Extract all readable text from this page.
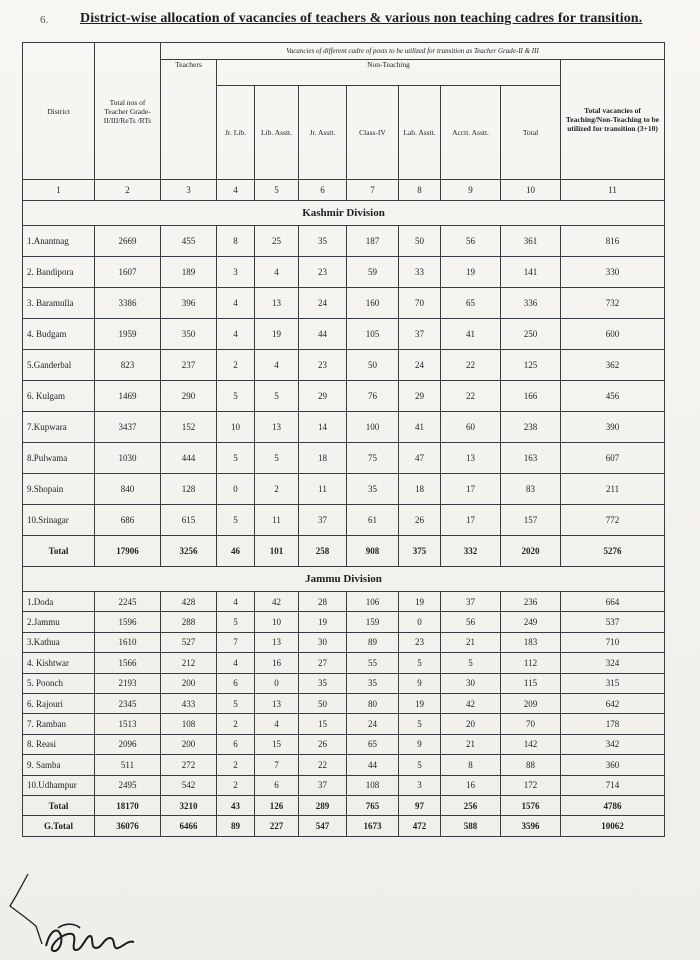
6. District-wise allocation of vacancies of teachers & various non teaching cadres for transition.
District	Total nos of Teacher Grade-II/III/ReTs /RTs	Vacancies of different cadre of posts to be utilized for transition as Teacher Grade-II & III								
		Teachers	Non-Teaching							Total vacancies of Teaching/Non-Teaching to be utilized for transition (3+10)
			Jr. Lib.	Lib. Asstt.	Jr. Asstt.	Class-IV	Lab. Asstt.	Acctt. Asstt.	Total	
1	2	3	4	5	6	7	8	9	10	11
Kashmir Division										
1.Anantnag	2669	455	8	25	35	187	50	56	361	816
2. Bandipora	1607	189	3	4	23	59	33	19	141	330
3. Baramulla	3386	396	4	13	24	160	70	65	336	732
4. Budgam	1959	350	4	19	44	105	37	41	250	600
5.Ganderbal	823	237	2	4	23	50	24	22	125	362
6. Kulgam	1469	290	5	5	29	76	29	22	166	456
7.Kupwara	3437	152	10	13	14	100	41	60	238	390
8.Pulwama	1030	444	5	5	18	75	47	13	163	607
9.Shopain	840	128	0	2	11	35	18	17	83	211
10.Srinagar	686	615	5	11	37	61	26	17	157	772
Total	17906	3256	46	101	258	908	375	332	2020	5276
Jammu Division										
1.Doda	2245	428	4	42	28	106	19	37	236	664
2.Jammu	1596	288	5	10	19	159	0	56	249	537
3.Kathua	1610	527	7	13	30	89	23	21	183	710
4. Kishtwar	1566	212	4	16	27	55	5	5	112	324
5. Poonch	2193	200	6	0	35	35	9	30	115	315
6. Rajouri	2345	433	5	13	50	80	19	42	209	642
7. Ramban	1513	108	2	4	15	24	5	20	70	178
8. Reasi	2096	200	6	15	26	65	9	21	142	342
9. Samba	511	272	2	7	22	44	5	8	88	360
10.Udhampur	2495	542	2	6	37	108	3	16	172	714
Total	18170	3210	43	126	289	765	97	256	1576	4786
G.Total	36076	6466	89	227	547	1673	472	588	3596	10062
